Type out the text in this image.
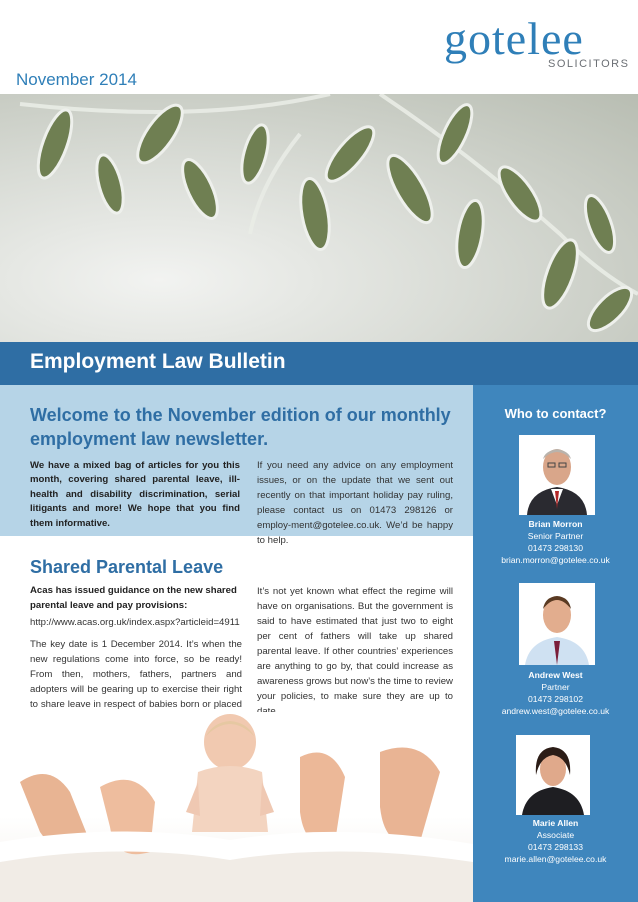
gotelee
SOLICITORS
November 2014
Employment Law Bulletin
Welcome to the November edition of our monthly employment law newsletter.
We have a mixed bag of articles for you this month, covering shared parental leave, ill-health and disability discrimination, serial litigants and more! We hope that you find them informative.
If you need any advice on any employment issues, or on the update that we sent out recently on that important holiday pay ruling, please contact us on 01473 298126 or employ-ment@gotelee.co.uk. We’d be happy to help.
Who to contact?
Brian Morron
Senior Partner
01473 298130
brian.morron@gotelee.co.uk
Andrew West
Partner
01473 298102
andrew.west@gotelee.co.uk
Marie Allen
Associate
01473 298133
marie.allen@gotelee.co.uk
Shared Parental Leave
Acas has issued guidance on the new shared parental leave and pay provisions:
http://www.acas.org.uk/index.aspx?articleid=4911
The key date is 1 December 2014. It’s when the new regulations come into force, so be ready! From then, mothers, fathers, partners and adopters will be gearing up to exercise their right to share leave in respect of babies born or placed
It’s not yet known what effect the regime will have on organisations. But the government is said to have estimated that just two to eight per cent of fathers will take up shared parental leave. If other countries’ experiences are anything to go by, that could increase as awareness grows but now’s the time to review your policies, to make sure they are up to
